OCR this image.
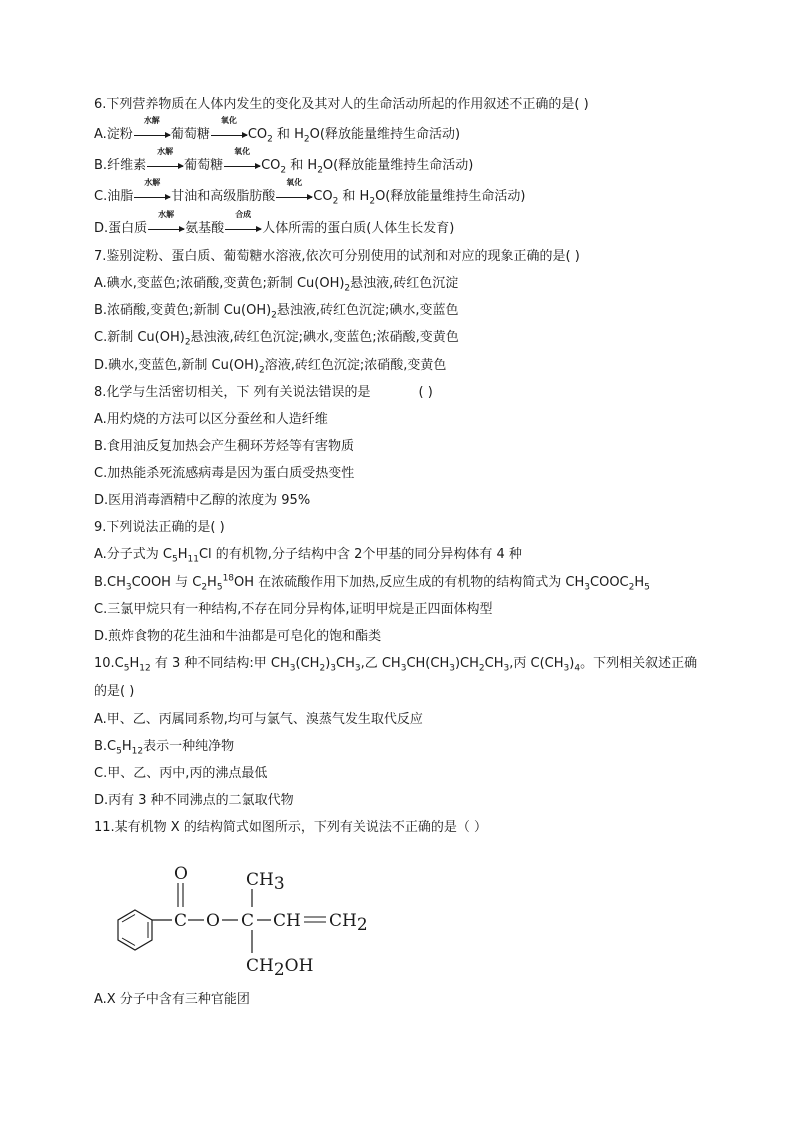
6.下列营养物质在人体内发生的变化及其对人的生命活动所起的作用叙述不正确的是( )
A.淀粉
水解
葡萄糖
氧化
$CO_2$ 和 $H_2O$(释放能量维持生命活动)
B.纤维素
水解
葡萄糖
氧化
$CO_2$ 和 $H_2O$(释放能量维持生命活动)
C.油脂
水解
甘油和高级脂肪酸
氧化
$CO_2$ 和 $H_2O$(释放能量维持生命活动)
D.蛋白质
水解
氨基酸
合成
人体所需的蛋白质(人体生长发育)
7.鉴别淀粉、蛋白质、葡萄糖水溶液,依次可分别使用的试剂和对应的现象正确的是( )
A.碘水,变蓝色;浓硝酸,变黄色;新制 $Cu(OH)_2$悬浊液,砖红色沉淀
B.浓硝酸,变黄色;新制 $Cu(OH)_2$悬浊液,砖红色沉淀;碘水,变蓝色
C.新制 $Cu(OH)_2$悬浊液,砖红色沉淀;碘水,变蓝色;浓硝酸,变黄色
D.碘水,变蓝色,新制 $Cu(OH)_2$溶液,砖红色沉淀;浓硝酸,变黄色
8.化学与生活密切相关，下 列有关说法错误的是	( )
A.用灼烧的方法可以区分蚕丝和人造纤维
B.食用油反复加热会产生稠环芳烃等有害物质
C.加热能杀死流感病毒是因为蛋白质受热变性
D.医用消毒酒精中乙醇的浓度为 95%
9.下列说法正确的是( )
A.分子式为 $C_5H_{11}Cl$ 的有机物,分子结构中含 2个甲基的同分异构体有 4 种
$B.CH_3COOH$ 与 $C_2H_5^{18}OH$ 在浓硫酸作用下加热,反应生成的有机物的结构简式为 $CH_3COOC_2H_5$
C.三氯甲烷只有一种结构,不存在同分异构体,证明甲烷是正四面体构型
D.煎炸食物的花生油和牛油都是可皂化的饱和酯类
$10.C_5H_{12}$ 有 3 种不同结构:甲 $CH_3(CH_2)_3CH_3$,乙 $CH_3CH(CH_3)CH_2CH_3$,丙 $C(CH_3)_4$。下列相关叙述正确
的是( )
A.甲、乙、丙属同系物,均可与氯气、溴蒸气发生取代反应
$B.C_5H_{12}$表示一种纯净物
C.甲、乙、丙中,丙的沸点最低
D.丙有 3 种不同沸点的二氯取代物
11.某有机物 X 的结构简式如图所示，下列有关说法不正确的是（ ）
O
C O C
CH3
CH CH2
CH2OH
A.X 分子中含有三种官能团
